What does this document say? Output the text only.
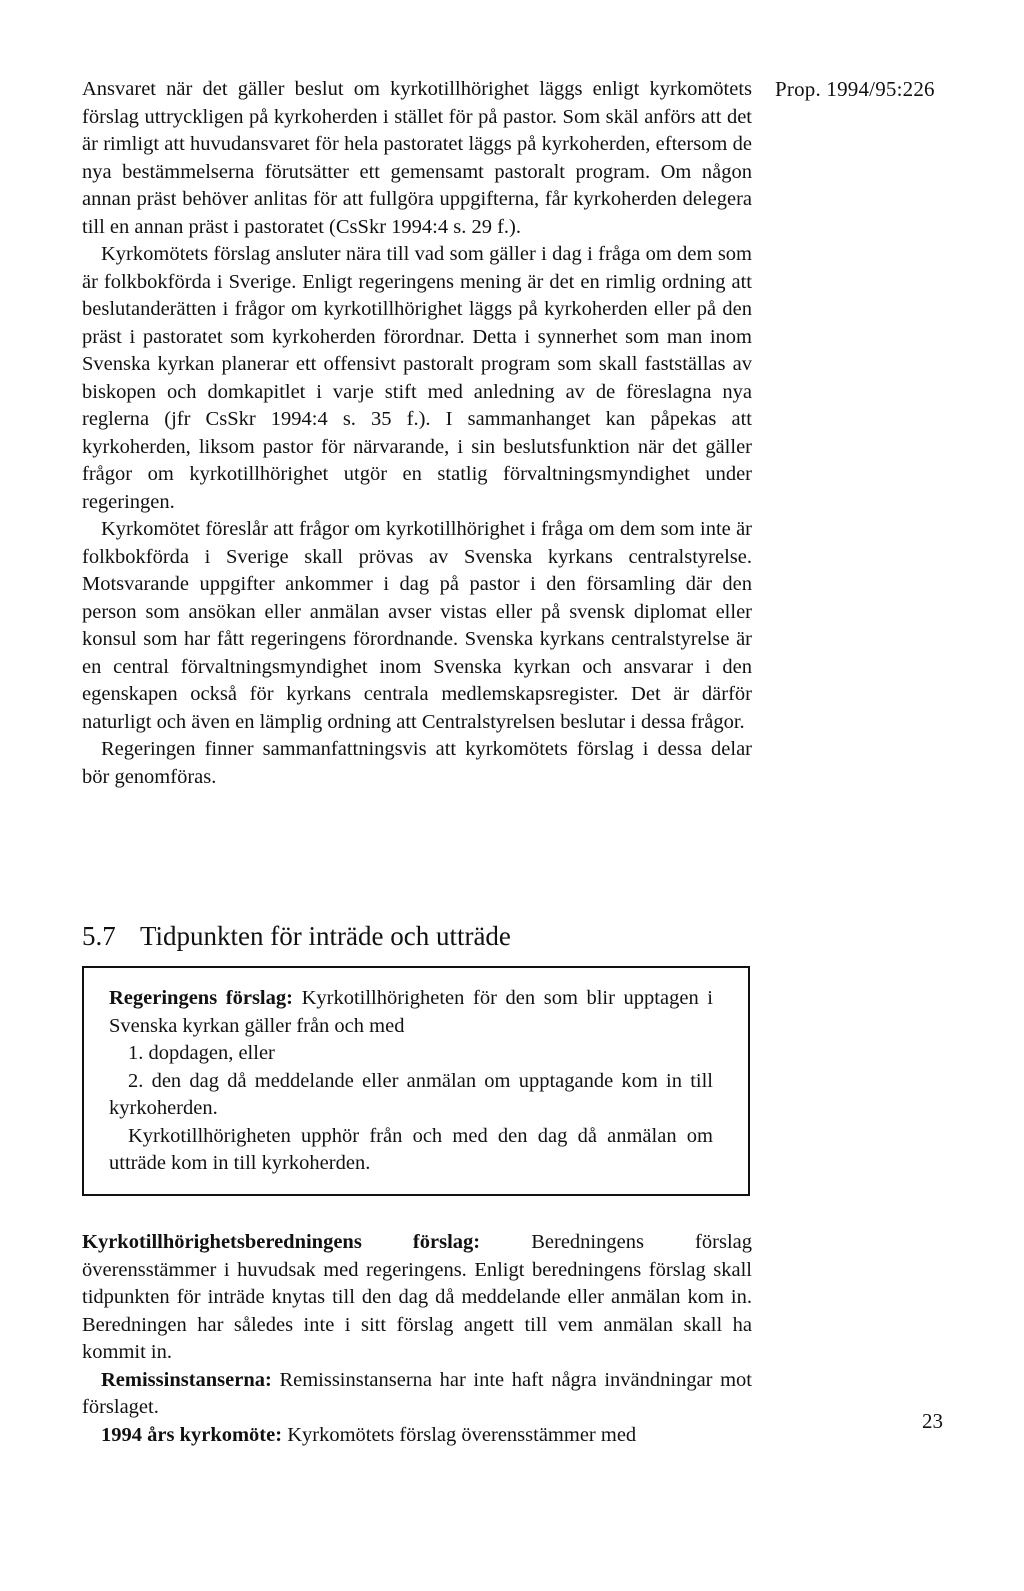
Prop. 1994/95:226

Ansvaret när det gäller beslut om kyrkotillhörighet läggs enligt kyrkomötets förslag uttryckligen på kyrkoherden i stället för på pastor. Som skäl anförs att det är rimligt att huvudansvaret för hela pastoratet läggs på kyrkoherden, eftersom de nya bestämmelserna förutsätter ett gemensamt pastoralt program. Om någon annan präst behöver anlitas för att fullgöra uppgifterna, får kyrkoherden delegera till en annan präst i pastoratet (CsSkr 1994:4 s. 29 f.).

Kyrkomötets förslag ansluter nära till vad som gäller i dag i fråga om dem som är folkbokförda i Sverige. Enligt regeringens mening är det en rimlig ordning att beslutanderätten i frågor om kyrkotillhörighet läggs på kyrkoherden eller på den präst i pastoratet som kyrkoherden förordnar. Detta i synnerhet som man inom Svenska kyrkan planerar ett offensivt pastoralt program som skall fastställas av biskopen och domkapitlet i varje stift med anledning av de föreslagna nya reglerna (jfr CsSkr 1994:4 s. 35 f.). I sammanhanget kan påpekas att kyrkoherden, liksom pastor för närvarande, i sin beslutsfunktion när det gäller frågor om kyrkotillhörighet utgör en statlig förvaltningsmyndighet under regeringen.

Kyrkomötet föreslår att frågor om kyrkotillhörighet i fråga om dem som inte är folkbokförda i Sverige skall prövas av Svenska kyrkans centralstyrelse. Motsvarande uppgifter ankommer i dag på pastor i den församling där den person som ansökan eller anmälan avser vistas eller på svensk diplomat eller konsul som har fått regeringens förordnande. Svenska kyrkans centralstyrelse är en central förvaltningsmyndighet inom Svenska kyrkan och ansvarar i den egenskapen också för kyrkans centrala medlemskapsregister. Det är därför naturligt och även en lämplig ordning att Centralstyrelsen beslutar i dessa frågor.

Regeringen finner sammanfattningsvis att kyrkomötets förslag i dessa delar bör genomföras.

5.7 Tidpunkten för inträde och utträde

Regeringens förslag: Kyrkotillhörigheten för den som blir upptagen i Svenska kyrkan gäller från och med

1. dopdagen, eller

2. den dag då meddelande eller anmälan om upptagande kom in till kyrkoherden.

Kyrkotillhörigheten upphör från och med den dag då anmälan om utträde kom in till kyrkoherden.

Kyrkotillhörighetsberedningens förslag: Beredningens förslag överensstämmer i huvudsak med regeringens. Enligt beredningens förslag skall tidpunkten för inträde knytas till den dag då meddelande eller anmälan kom in. Beredningen har således inte i sitt förslag angett till vem anmälan skall ha kommit in.

Remissinstanserna: Remissinstanserna har inte haft några invändningar mot förslaget.

1994 års kyrkomöte: Kyrkomötets förslag överensstämmer med

23
